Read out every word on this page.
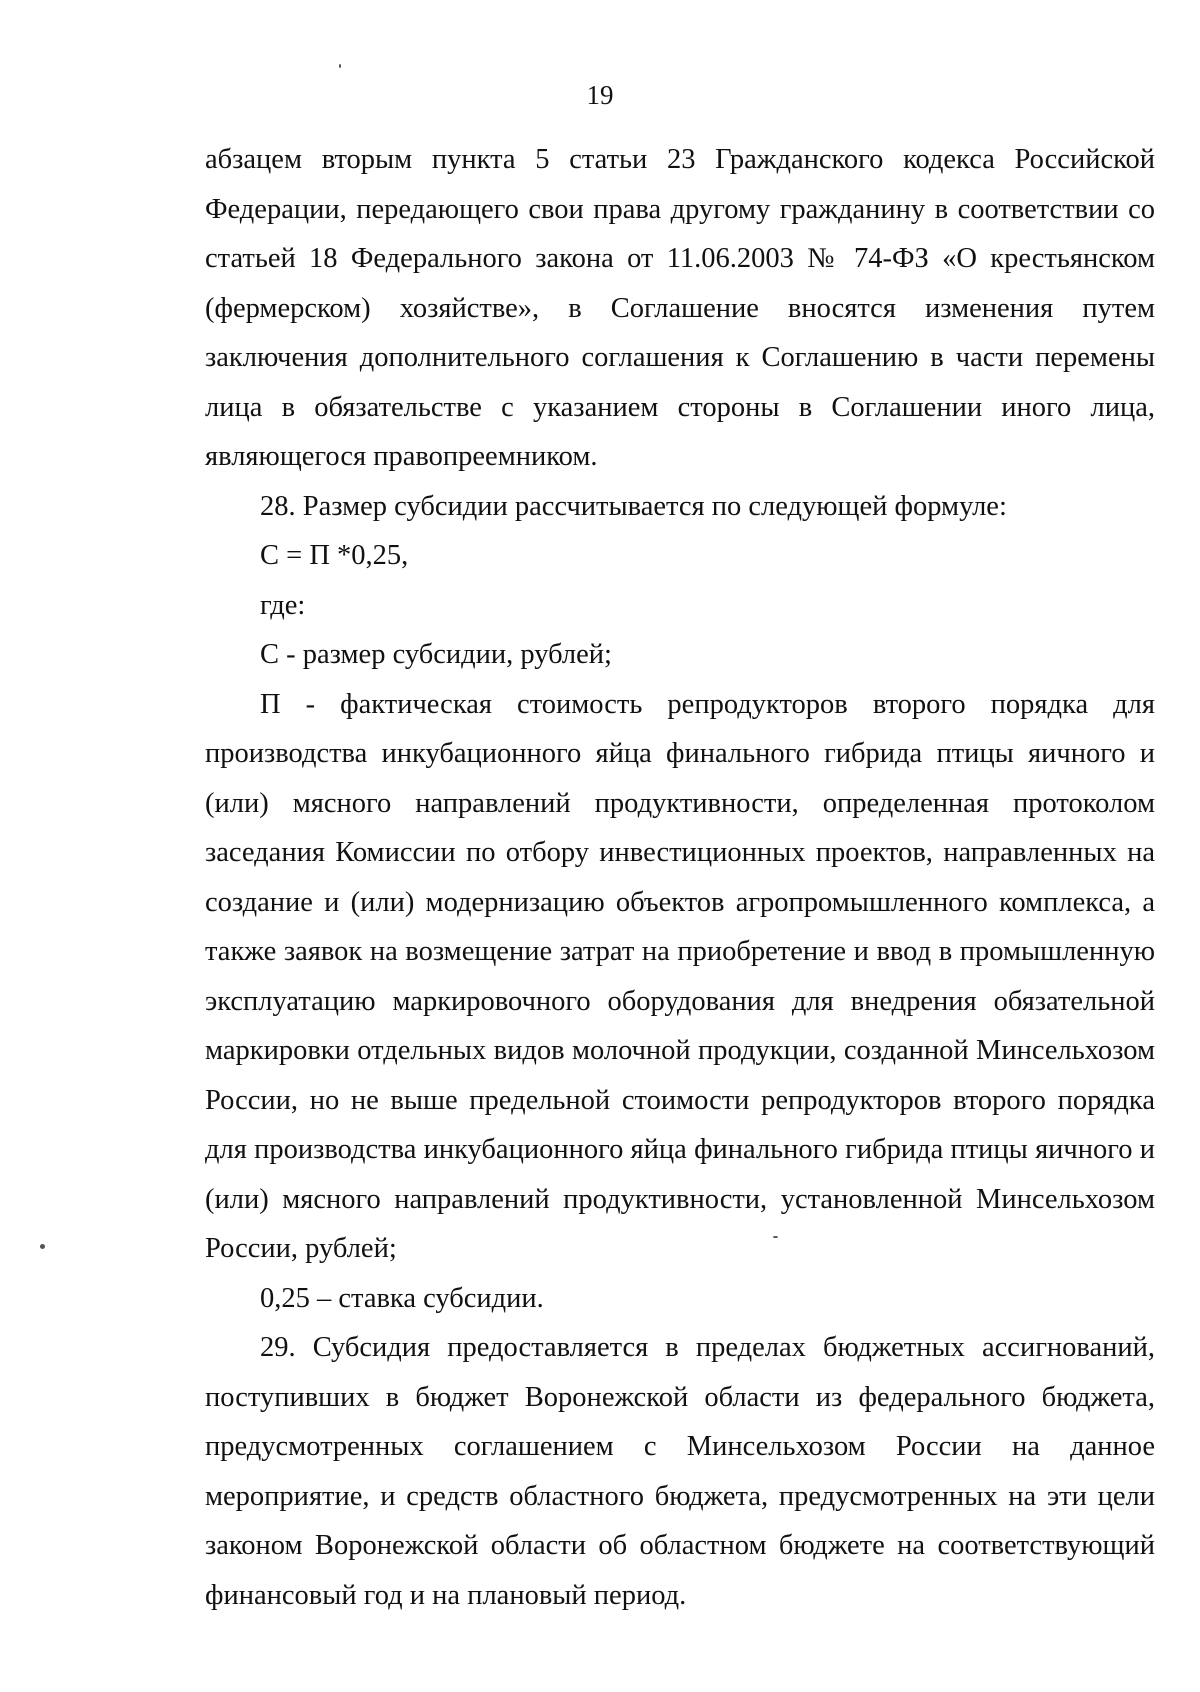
19

абзацем вторым пункта 5 статьи 23 Гражданского кодекса Российской Федерации, передающего свои права другому гражданину в соответствии со статьей 18 Федерального закона от 11.06.2003 № 74-ФЗ «О крестьянском (фермерском) хозяйстве», в Соглашение вносятся изменения путем заключения дополнительного соглашения к Соглашению в части перемены лица в обязательстве с указанием стороны в Соглашении иного лица, являющегося правопреемником.

28. Размер субсидии рассчитывается по следующей формуле:

С = П *0,25,

где:

С - размер субсидии, рублей;

П - фактическая стоимость репродукторов второго порядка для производства инкубационного яйца финального гибрида птицы яичного и (или) мясного направлений продуктивности, определенная протоколом заседания Комиссии по отбору инвестиционных проектов, направленных на создание и (или) модернизацию объектов агропромышленного комплекса, а также заявок на возмещение затрат на приобретение и ввод в промышленную эксплуатацию маркировочного оборудования для внедрения обязательной маркировки отдельных видов молочной продукции, созданной Минсельхозом России, но не выше предельной стоимости репродукторов второго порядка для производства инкубационного яйца финального гибрида птицы яичного и (или) мясного направлений продуктивности, установленной Минсельхозом России, рублей;

0,25 – ставка субсидии.

29. Субсидия предоставляется в пределах бюджетных ассигнований, поступивших в бюджет Воронежской области из федерального бюджета, предусмотренных соглашением с Минсельхозом России на данное мероприятие, и средств областного бюджета, предусмотренных на эти цели законом Воронежской области об областном бюджете на соответствующий финансовый год и на плановый период.
